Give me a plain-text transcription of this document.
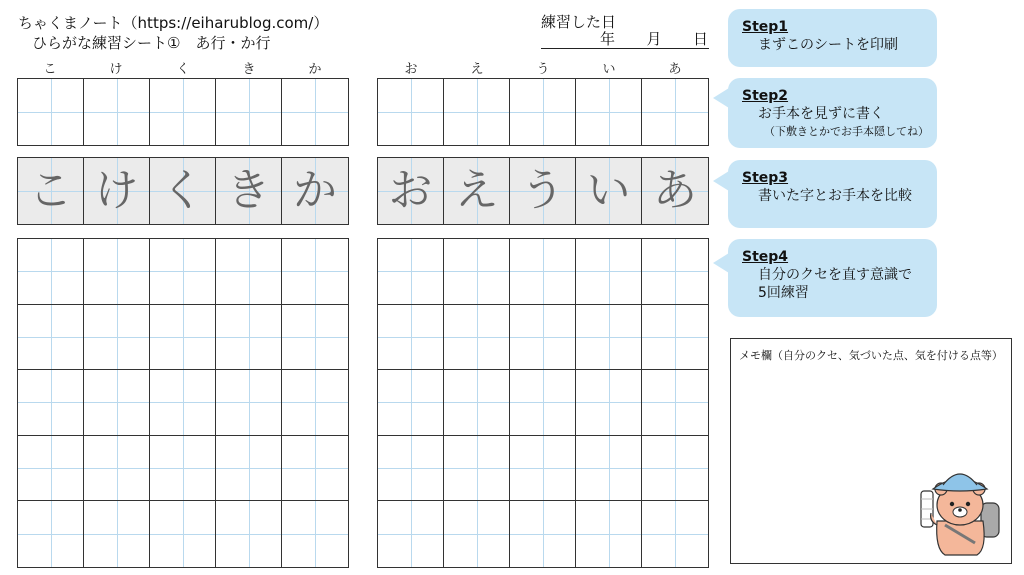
ちゃくまノート（https://eiharublog.com/）
ひらがな練習シート①　あ行・か行
練習した日
年 月 日
こ	け	く	き	か	お	え	う	い	あ
こ け く き か お え う い あ
Step1
まずこのシートを印刷
Step2
お手本を見ずに書く
（下敷きとかでお手本隠してね）
Step3
書いた字とお手本を比較
Step4
自分のクセを直す意識で
5回練習
メモ欄（自分のクセ、気づいた点、気を付ける点等）
